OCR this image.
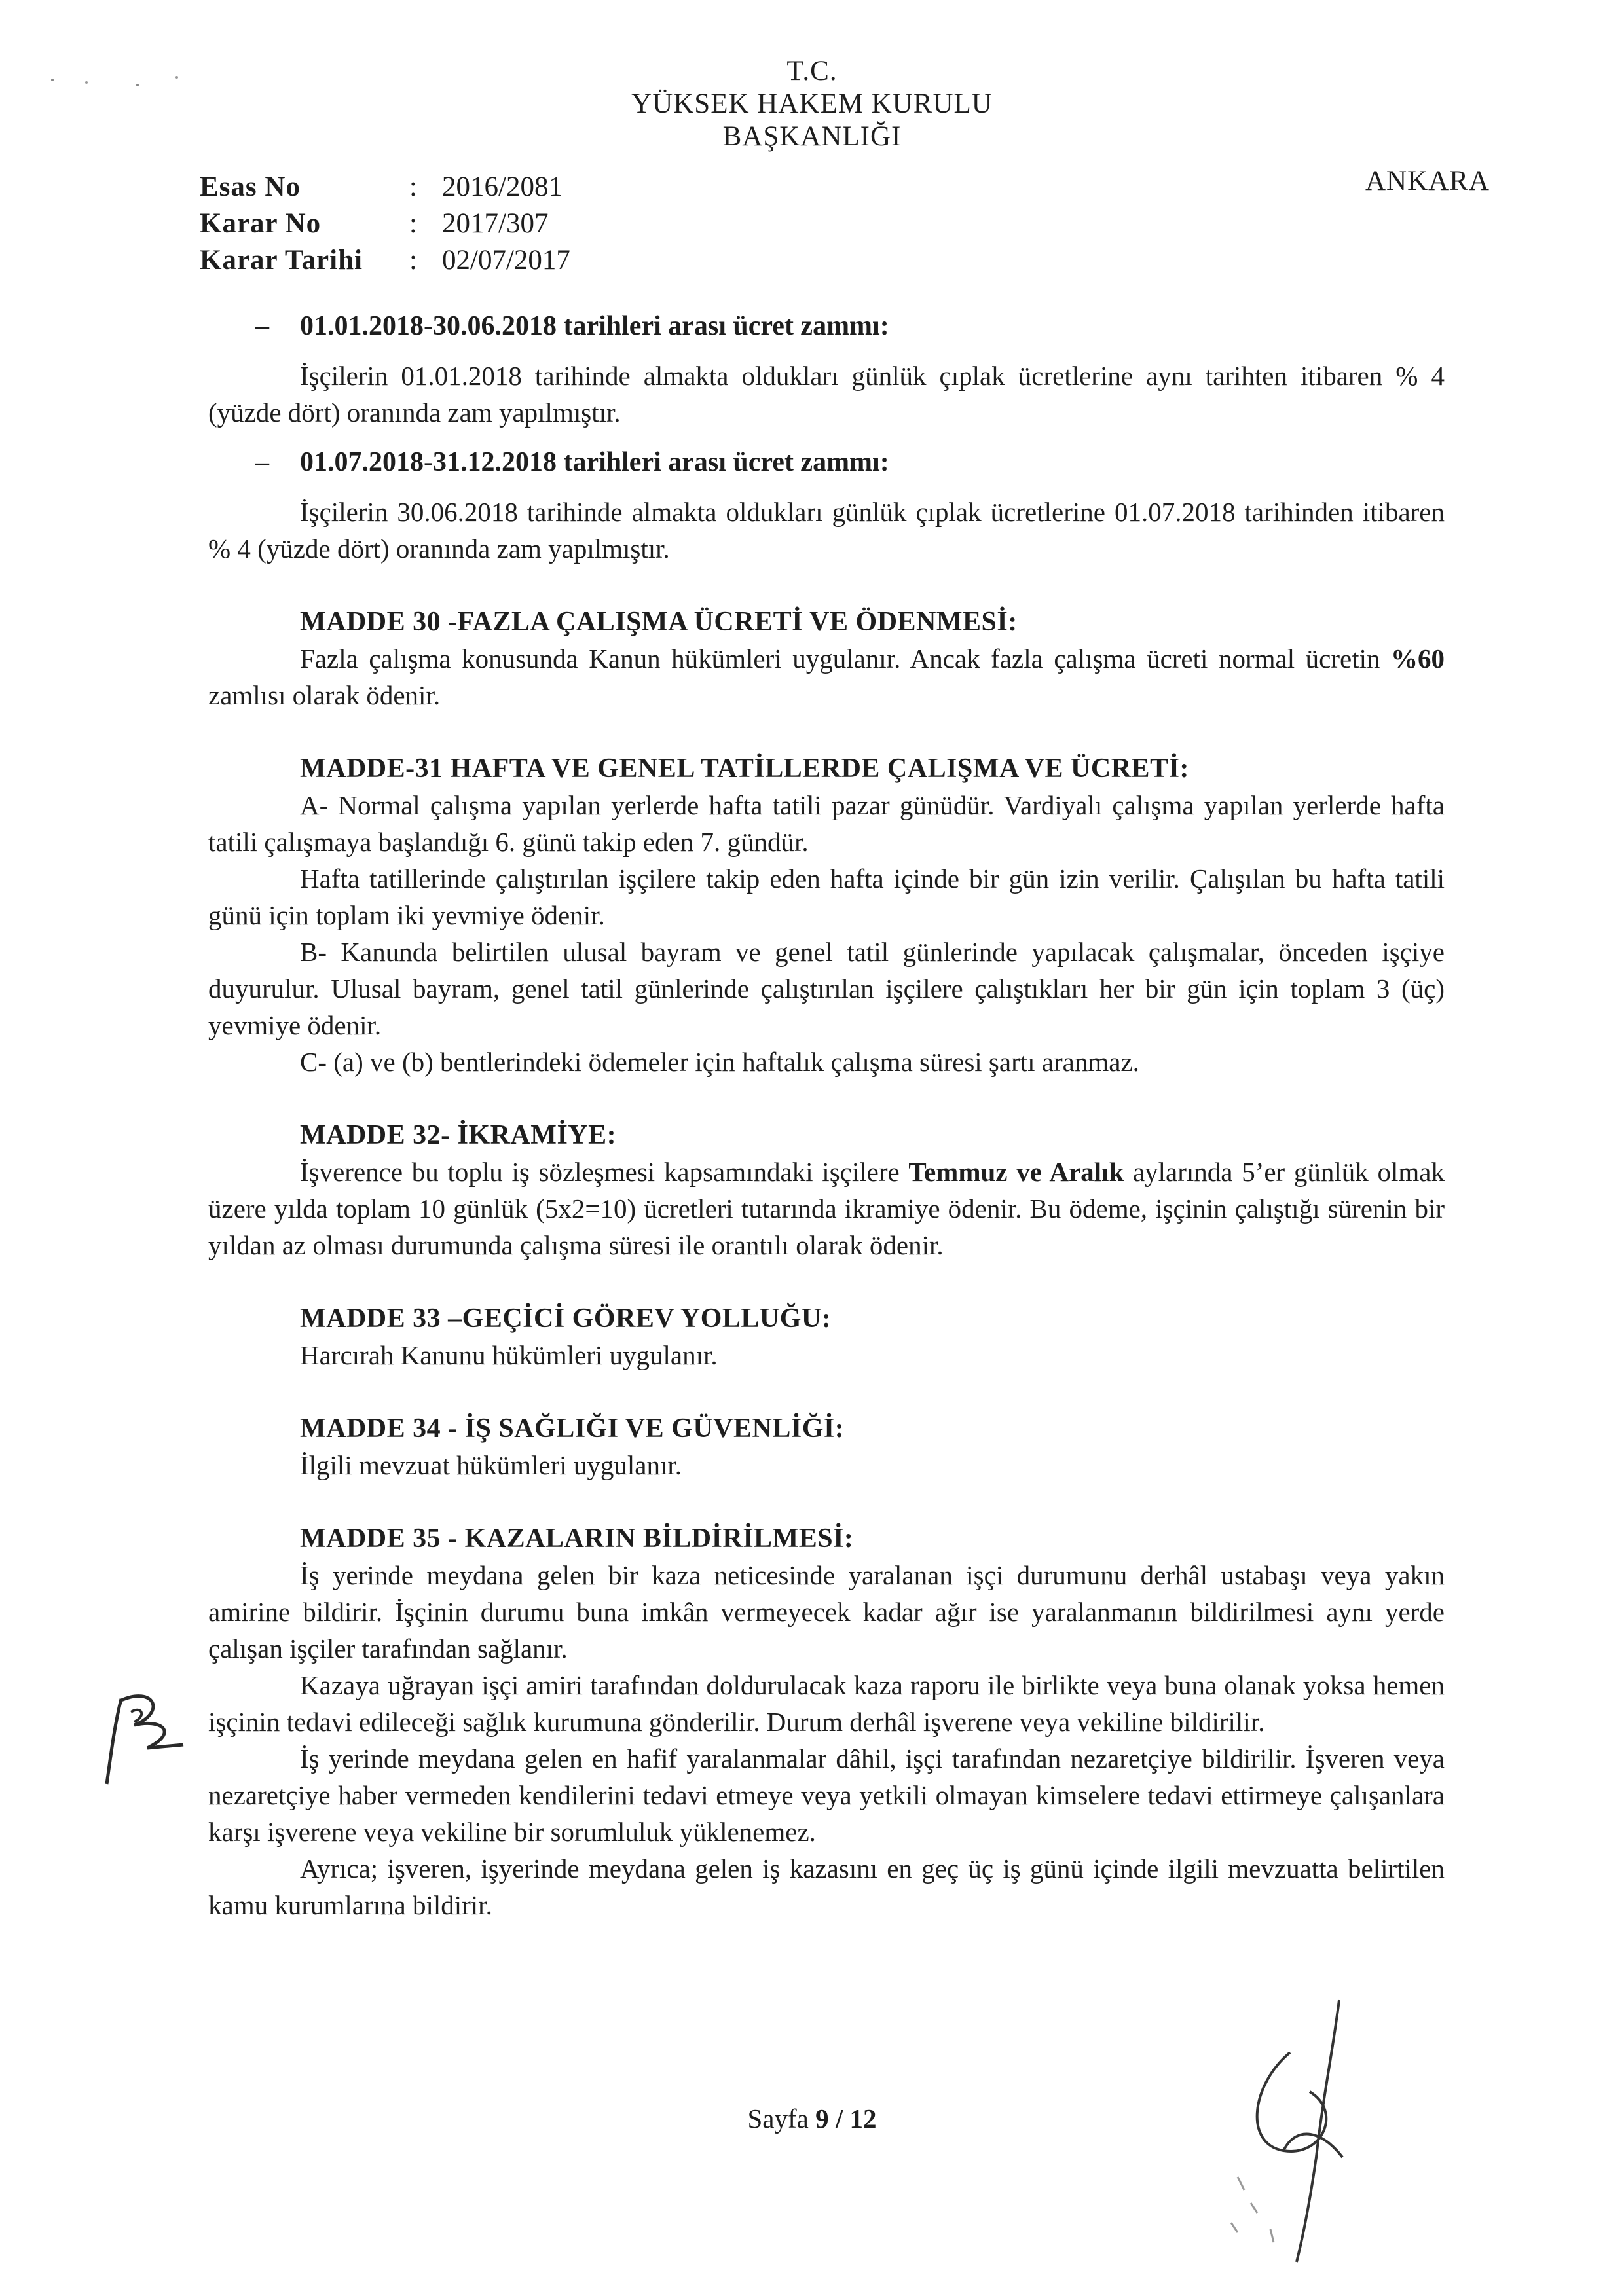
T.C.
YÜKSEK HAKEM KURULU
BAŞKANLIĞI
ANKARA
Esas No	: 2016/2081
Karar No	: 2017/307
Karar Tarihi	: 02/07/2017
–	01.01.2018-30.06.2018 tarihleri arası ücret zammı:

İşçilerin 01.01.2018 tarihinde almakta oldukları günlük çıplak ücretlerine aynı tarihten itibaren % 4 (yüzde dört) oranında zam yapılmıştır.

–	01.07.2018-31.12.2018 tarihleri arası ücret zammı:

İşçilerin 30.06.2018 tarihinde almakta oldukları günlük çıplak ücretlerine 01.07.2018 tarihinden itibaren % 4 (yüzde dört) oranında zam yapılmıştır.

MADDE 30 -FAZLA ÇALIŞMA ÜCRETİ VE ÖDENMESİ:

Fazla çalışma konusunda Kanun hükümleri uygulanır. Ancak fazla çalışma ücreti normal ücretin %60 zamlısı olarak ödenir.

MADDE-31 HAFTA VE GENEL TATİLLERDE ÇALIŞMA VE ÜCRETİ:

A- Normal çalışma yapılan yerlerde hafta tatili pazar günüdür. Vardiyalı çalışma yapılan yerlerde hafta tatili çalışmaya başlandığı 6. günü takip eden 7. gündür.

Hafta tatillerinde çalıştırılan işçilere takip eden hafta içinde bir gün izin verilir. Çalışılan bu hafta tatili günü için toplam iki yevmiye ödenir.

B- Kanunda belirtilen ulusal bayram ve genel tatil günlerinde yapılacak çalışmalar, önceden işçiye duyurulur. Ulusal bayram, genel tatil günlerinde çalıştırılan işçilere çalıştıkları her bir gün için toplam 3 (üç) yevmiye ödenir.

C- (a) ve (b) bentlerindeki ödemeler için haftalık çalışma süresi şartı aranmaz.

MADDE 32- İKRAMİYE:

İşverence bu toplu iş sözleşmesi kapsamındaki işçilere Temmuz ve Aralık aylarında 5’er günlük olmak üzere yılda toplam 10 günlük (5x2=10) ücretleri tutarında ikramiye ödenir. Bu ödeme, işçinin çalıştığı sürenin bir yıldan az olması durumunda çalışma süresi ile orantılı olarak ödenir.

MADDE 33 –GEÇİCİ GÖREV YOLLUĞU:

Harcırah Kanunu hükümleri uygulanır.

MADDE 34 - İŞ SAĞLIĞI VE GÜVENLİĞİ:

İlgili mevzuat hükümleri uygulanır.

MADDE 35 - KAZALARIN BİLDİRİLMESİ:

İş yerinde meydana gelen bir kaza neticesinde yaralanan işçi durumunu derhâl ustabaşı veya yakın amirine bildirir. İşçinin durumu buna imkân vermeyecek kadar ağır ise yaralanmanın bildirilmesi aynı yerde çalışan işçiler tarafından sağlanır.

Kazaya uğrayan işçi amiri tarafından doldurulacak kaza raporu ile birlikte veya buna olanak yoksa hemen işçinin tedavi edileceği sağlık kurumuna gönderilir. Durum derhâl işverene veya vekiline bildirilir.

İş yerinde meydana gelen en hafif yaralanmalar dâhil, işçi tarafından nezaretçiye bildirilir. İşveren veya nezaretçiye haber vermeden kendilerini tedavi etmeye veya yetkili olmayan kimselere tedavi ettirmeye çalışanlara karşı işverene veya vekiline bir sorumluluk yüklenemez.

Ayrıca; işveren, işyerinde meydana gelen iş kazasını en geç üç iş günü içinde ilgili mevzuatta belirtilen kamu kurumlarına bildirir.

Sayfa 9 / 12
